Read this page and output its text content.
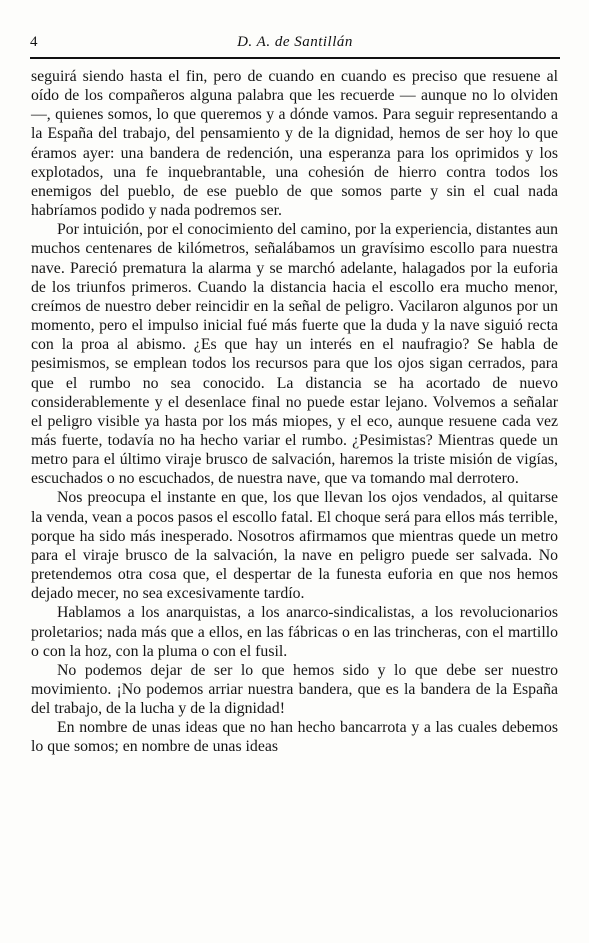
4	D. A. de Santillán

seguirá siendo hasta el fin, pero de cuando en cuando es preciso que resuene al oído de los compañeros alguna palabra que les recuerde — aunque no lo olviden —, quienes somos, lo que queremos y a dónde vamos. Para seguir representando a la España del trabajo, del pensamiento y de la dignidad, hemos de ser hoy lo que éramos ayer: una bandera de redención, una esperanza para los oprimidos y los explotados, una fe inquebrantable, una cohesión de hierro contra todos los enemigos del pueblo, de ese pueblo de que somos parte y sin el cual nada habríamos podido y nada podremos ser.

Por intuición, por el conocimiento del camino, por la experiencia, distantes aun muchos centenares de kilómetros, señalábamos un gravísimo escollo para nuestra nave. Pareció prematura la alarma y se marchó adelante, halagados por la euforia de los triunfos primeros. Cuando la distancia hacia el escollo era mucho menor, creímos de nuestro deber reincidir en la señal de peligro. Vacilaron algunos por un momento, pero el impulso inicial fué más fuerte que la duda y la nave siguió recta con la proa al abismo. ¿Es que hay un interés en el naufragio? Se habla de pesimismos, se emplean todos los recursos para que los ojos sigan cerrados, para que el rumbo no sea conocido. La distancia se ha acortado de nuevo considerablemente y el desenlace final no puede estar lejano. Volvemos a señalar el peligro visible ya hasta por los más miopes, y el eco, aunque resuene cada vez más fuerte, todavía no ha hecho variar el rumbo. ¿Pesimistas? Mientras quede un metro para el último viraje brusco de salvación, haremos la triste misión de vigías, escuchados o no escuchados, de nuestra nave, que va tomando mal derrotero.

Nos preocupa el instante en que, los que llevan los ojos vendados, al quitarse la venda, vean a pocos pasos el escollo fatal. El choque será para ellos más terrible, porque ha sido más inesperado. Nosotros afirmamos que mientras quede un metro para el viraje brusco de la salvación, la nave en peligro puede ser salvada. No pretendemos otra cosa que, el despertar de la funesta euforia en que nos hemos dejado mecer, no sea excesivamente tardío.

Hablamos a los anarquistas, a los anarco-sindicalistas, a los revolucionarios proletarios; nada más que a ellos, en las fábricas o en las trincheras, con el martillo o con la hoz, con la pluma o con el fusil.

No podemos dejar de ser lo que hemos sido y lo que debe ser nuestro movimiento. ¡No podemos arriar nuestra bandera, que es la bandera de la España del trabajo, de la lucha y de la dignidad!

En nombre de unas ideas que no han hecho bancarrota y a las cuales debemos lo que somos; en nombre de unas ideas
